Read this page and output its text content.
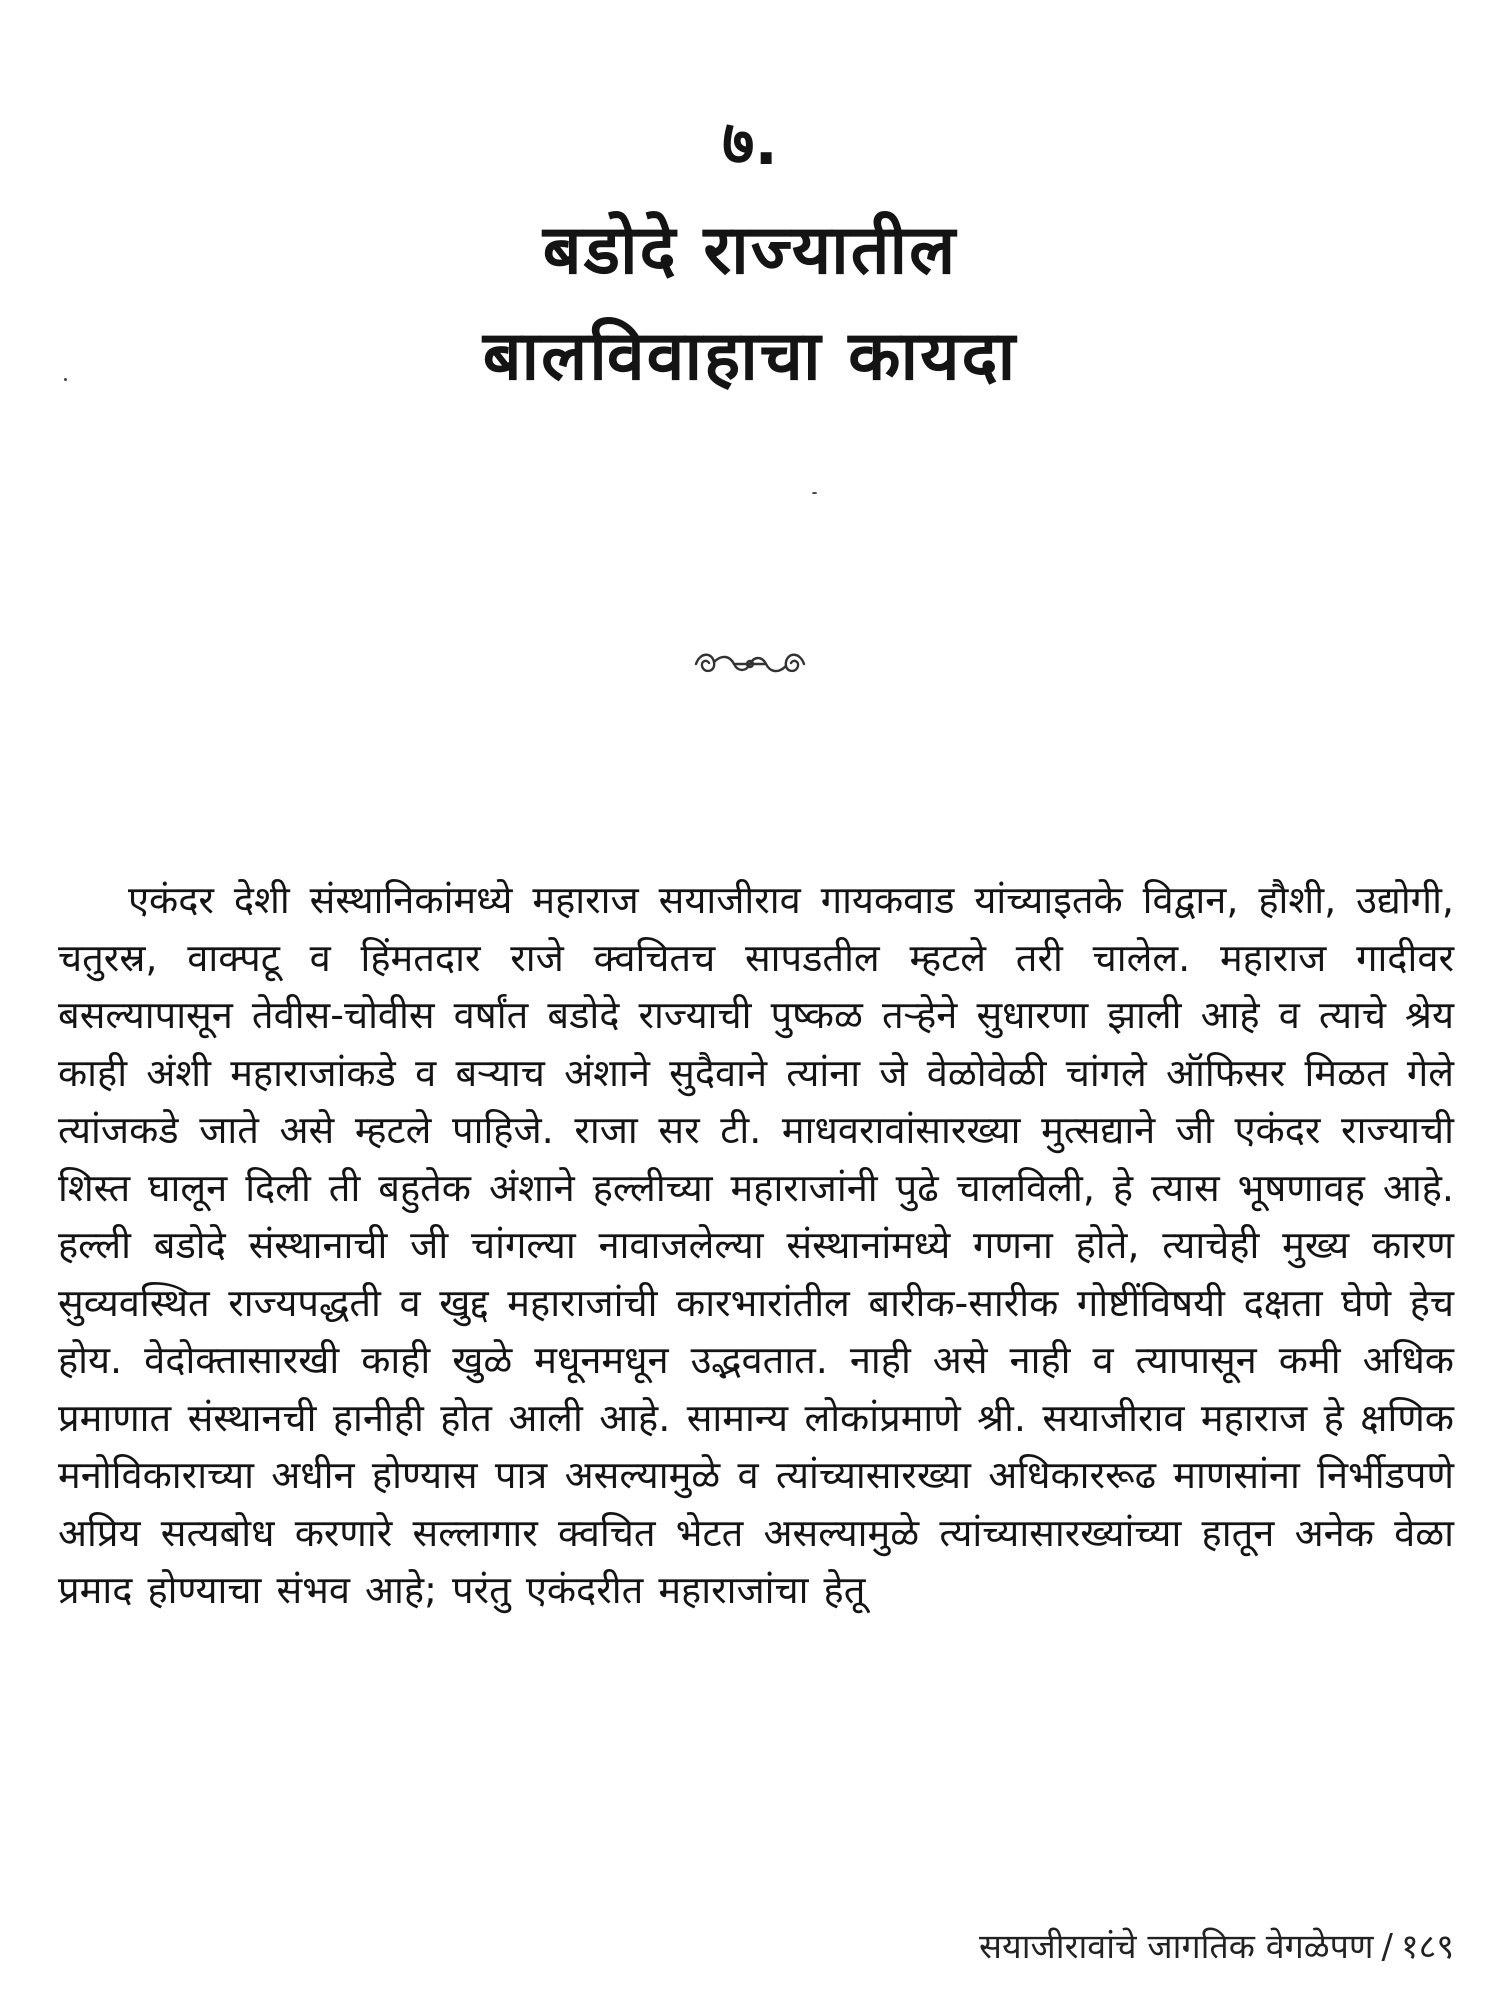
७.
बडोदे राज्यातील
बालविवाहाचा कायदा

एकंदर देशी संस्थानिकांमध्ये महाराज सयाजीराव गायकवाड यांच्याइतके विद्वान, हौशी, उद्योगी, चतुरस्र, वाक्पटू व हिंमतदार राजे क्वचितच सापडतील म्हटले तरी चालेल. महाराज गादीवर बसल्यापासून तेवीस-चोवीस वर्षांत बडोदे राज्याची पुष्कळ तऱ्हेने सुधारणा झाली आहे व त्याचे श्रेय काही अंशी महाराजांकडे व बऱ्याच अंशाने सुदैवाने त्यांना जे वेळोवेळी चांगले ऑफिसर मिळत गेले त्यांजकडे जाते असे म्हटले पाहिजे. राजा सर टी. माधवरावांसारख्या मुत्सद्याने जी एकंदर राज्याची शिस्त घालून दिली ती बहुतेक अंशाने हल्लीच्या महाराजांनी पुढे चालविली, हे त्यास भूषणावह आहे. हल्ली बडोदे संस्थानाची जी चांगल्या नावाजलेल्या संस्थानांमध्ये गणना होते, त्याचेही मुख्य कारण सुव्यवस्थित राज्यपद्धती व खुद्द महाराजांची कारभारांतील बारीक-सारीक गोष्टींविषयी दक्षता घेणे हेच होय. वेदोक्तासारखी काही खुळे मधूनमधून उद्भवतात. नाही असे नाही व त्यापासून कमी अधिक प्रमाणात संस्थानची हानीही होत आली आहे. सामान्य लोकांप्रमाणे श्री. सयाजीराव महाराज हे क्षणिक मनोविकाराच्या अधीन होण्यास पात्र असल्यामुळे व त्यांच्यासारख्या अधिकाररूढ माणसांना निर्भीडपणे अप्रिय सत्यबोध करणारे सल्लागार क्वचित भेटत असल्यामुळे त्यांच्यासारख्यांच्या हातून अनेक वेळा प्रमाद होण्याचा संभव आहे; परंतु एकंदरीत महाराजांचा हेतू

सयाजीरावांचे जागतिक वेगळेपण / १८९
